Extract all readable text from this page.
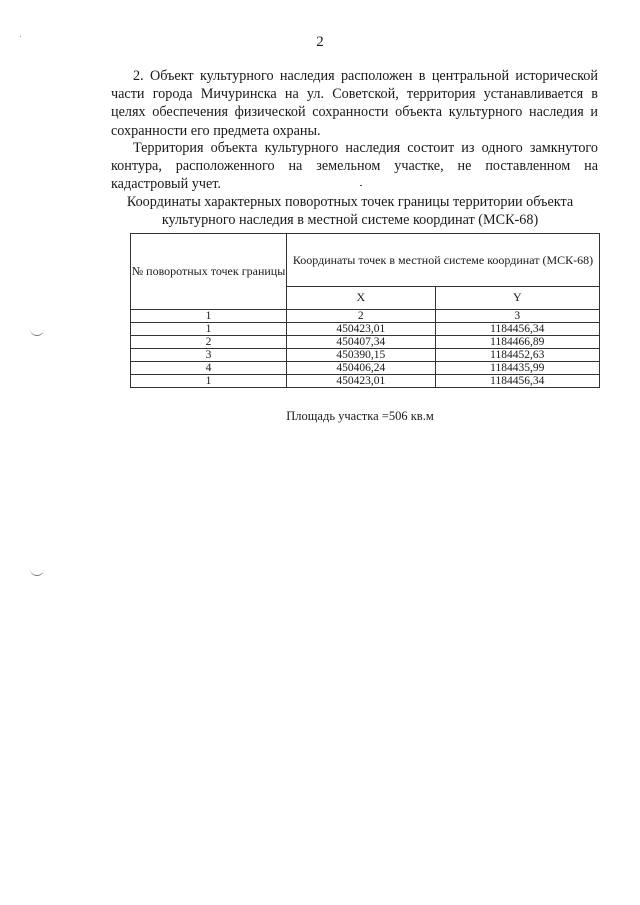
2

2. Объект культурного наследия расположен в центральной исторической части города Мичуринска на ул. Советской, территория устанавливается в целях обеспечения физической сохранности объекта культурного наследия и сохранности его предмета охраны.

Территория объекта культурного наследия состоит из одного замкнутого контура, расположенного на земельном участке, не поставленном на кадастровый учет.

Координаты характерных поворотных точек границы территории объекта культурного наследия в местной системе координат (МСК-68)
№ поворотных точек границы	Координаты точек в местной системе координат (МСК-68)	
	X	Y
1	2	3
1	450423,01	1184456,34
2	450407,34	1184466,89
3	450390,15	1184452,63
4	450406,24	1184435,99
1	450423,01	1184456,34
Площадь участка =506 кв.м
